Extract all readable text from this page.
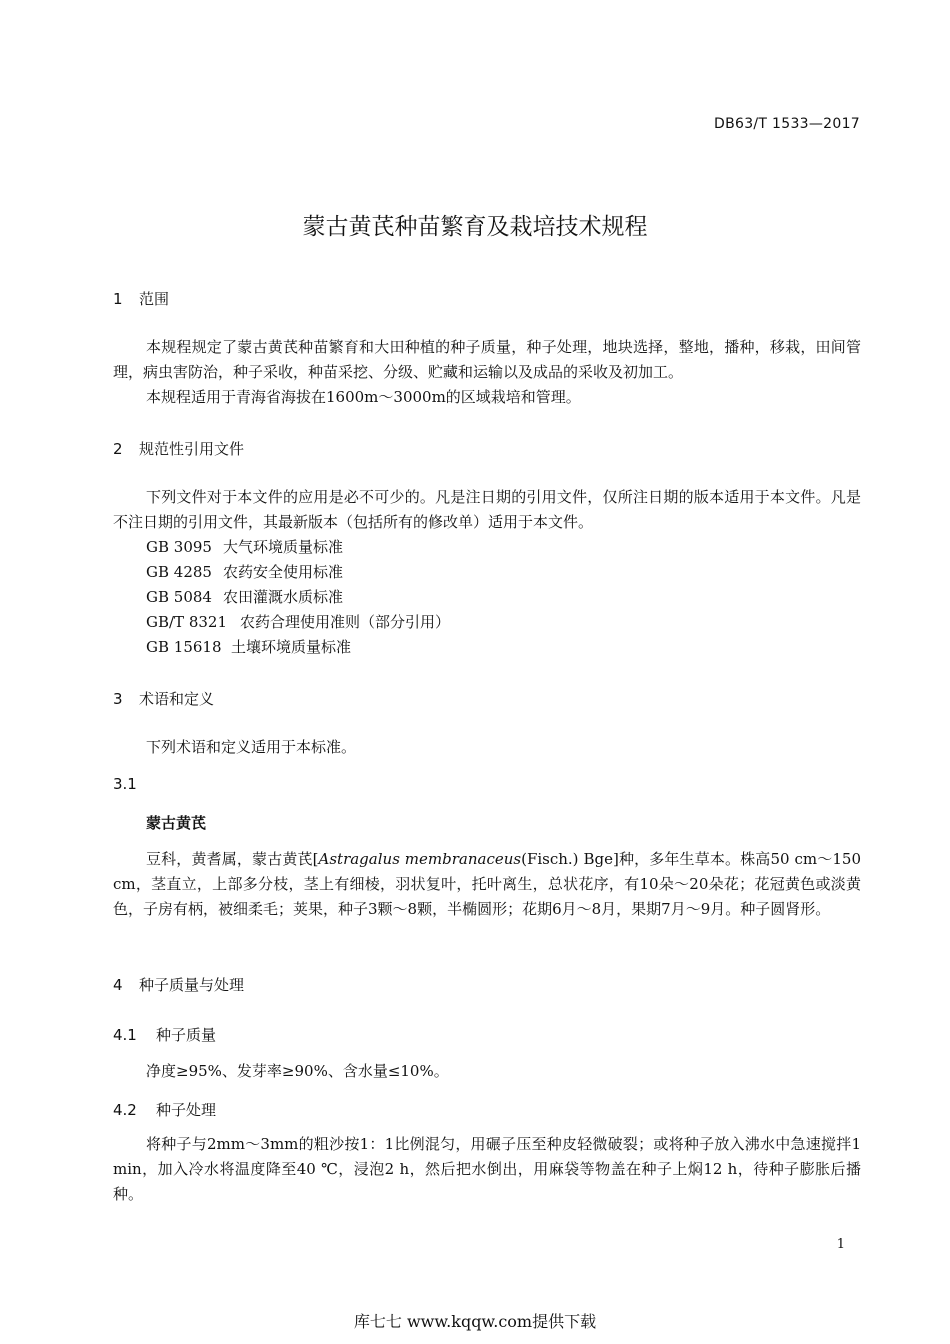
DB63/T 1533—2017
蒙古黄芪种苗繁育及栽培技术规程
1 范围
本规程规定了蒙古黄芪种苗繁育和大田种植的种子质量，种子处理，地块选择，整地，播种，移栽，田间管理，病虫害防治，种子采收，种苗采挖、分级、贮藏和运输以及成品的采收及初加工。
本规程适用于青海省海拔在1600m～3000m的区域栽培和管理。
2 规范性引用文件
下列文件对于本文件的应用是必不可少的。凡是注日期的引用文件，仅所注日期的版本适用于本文件。凡是不注日期的引用文件，其最新版本（包括所有的修改单）适用于本文件。
GB 3095 大气环境质量标准
GB 4285 农药安全使用标准
GB 5084 农田灌溉水质标准
GB/T 8321 农药合理使用准则（部分引用）
GB 15618 土壤环境质量标准
3 术语和定义
下列术语和定义适用于本标准。
3.1
蒙古黄芪
豆科，黄耆属，蒙古黄芪[Astragalus membranaceus(Fisch.) Bge]种，多年生草本。株高50 cm～150 cm，茎直立，上部多分枝，茎上有细棱，羽状复叶，托叶离生，总状花序，有10朵～20朵花；花冠黄色或淡黄色，子房有柄，被细柔毛；荚果，种子3颗～8颗，半椭圆形；花期6月～8月，果期7月～9月。种子圆肾形。
4 种子质量与处理
4.1 种子质量
净度≥95%、发芽率≥90%、含水量≤10%。
4.2 种子处理
将种子与2mm～3mm的粗沙按1：1比例混匀，用碾子压至种皮轻微破裂；或将种子放入沸水中急速搅拌1 min，加入冷水将温度降至40 ℃，浸泡2 h，然后把水倒出，用麻袋等物盖在种子上焖12 h，待种子膨胀后播种。
1
库七七 www.kqqw.com提供下载
